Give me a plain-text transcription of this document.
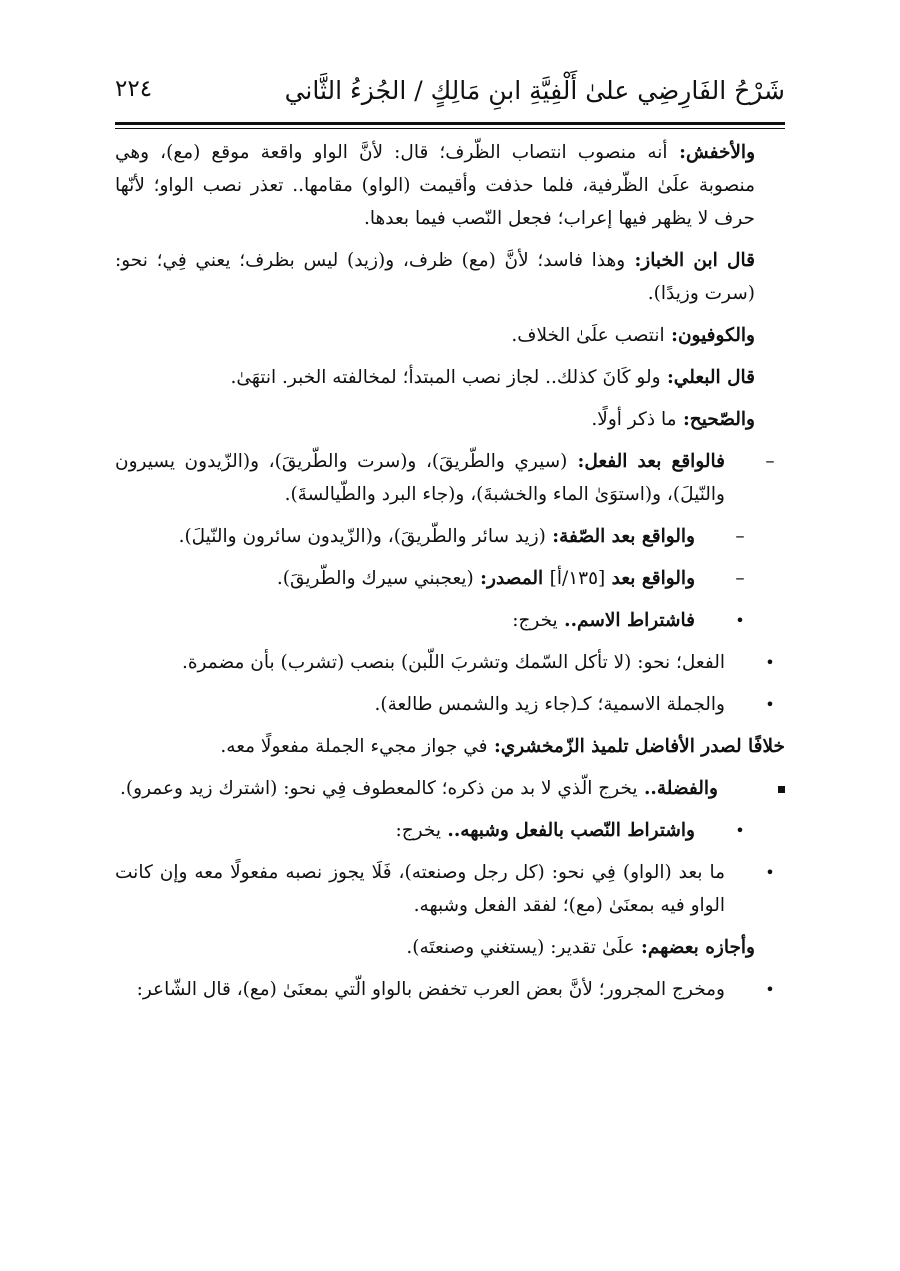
شَرْحُ الفَارِضِي علىٰ أَلْفِيَّةِ ابنِ مَالِكٍ / الجُزءُ الثَّاني
٢٢٤

والأخفش: أنه منصوب انتصاب الظّرف؛ قال: لأنَّ الواو واقعة موقع (مع)، وهي منصوبة علَىٰ الظّرفية، فلما حذفت وأقيمت (الواو) مقامها.. تعذر نصب الواو؛ لأنّها حرف لا يظهر فيها إعراب؛ فجعل النّصب فيما بعدها.

قال ابن الخباز: وهذا فاسد؛ لأنَّ (مع) ظرف، و(زيد) ليس بظرف؛ يعني فِي؛ نحو: (سرت وزيدًا).

والكوفيون: انتصب علَىٰ الخلاف.

قال البعلي: ولو كَانَ كذلك.. لجاز نصب المبتدأ؛ لمخالفته الخبر. انتهَىٰ.

والصّحيح: ما ذكر أولًا.

–
فالواقع بعد الفعل: (سيري والطّريقَ)، و(سرت والطّريقَ)، و(الزّيدون يسيرون والنّيلَ)، و(استوَىٰ الماء والخشبةَ)، و(جاء البرد والطّيالسةَ).
–
والواقع بعد الصّفة: (زيد سائر والطّريقَ)، و(الزّيدون سائرون والنّيلَ).
–
والواقع بعد [١٣٥/أ] المصدر: (يعجبني سيرك والطّريقَ).
•
فاشتراط الاسم.. يخرج:
•
الفعل؛ نحو: (لا تأكل السّمك وتشربَ اللّبن) بنصب (تشرب) بأن مضمرة.
•
والجملة الاسمية؛ كـ(جاء زيد والشمس طالعة).

خلافًا لصدر الأفاضل تلميذ الزّمخشري: في جواز مجيء الجملة مفعولًا معه.

والفضلة.. يخرج الّذي لا بد من ذكره؛ كالمعطوف فِي نحو: (اشترك زيد وعمرو).

•
واشتراط النّصب بالفعل وشبهه.. يخرج:
•
ما بعد (الواو) فِي نحو: (كل رجل وصنعته)، فَلَا يجوز نصبه مفعولًا معه وإن كانت الواو فيه بمعنَىٰ (مع)؛ لفقد الفعل وشبهه.

وأجازه بعضهم: علَىٰ تقدير: (يستغني وصنعتَه).

•
ومخرج المجرور؛ لأنَّ بعض العرب تخفض بالواو الّتي بمعنَىٰ (مع)، قال الشّاعر:
